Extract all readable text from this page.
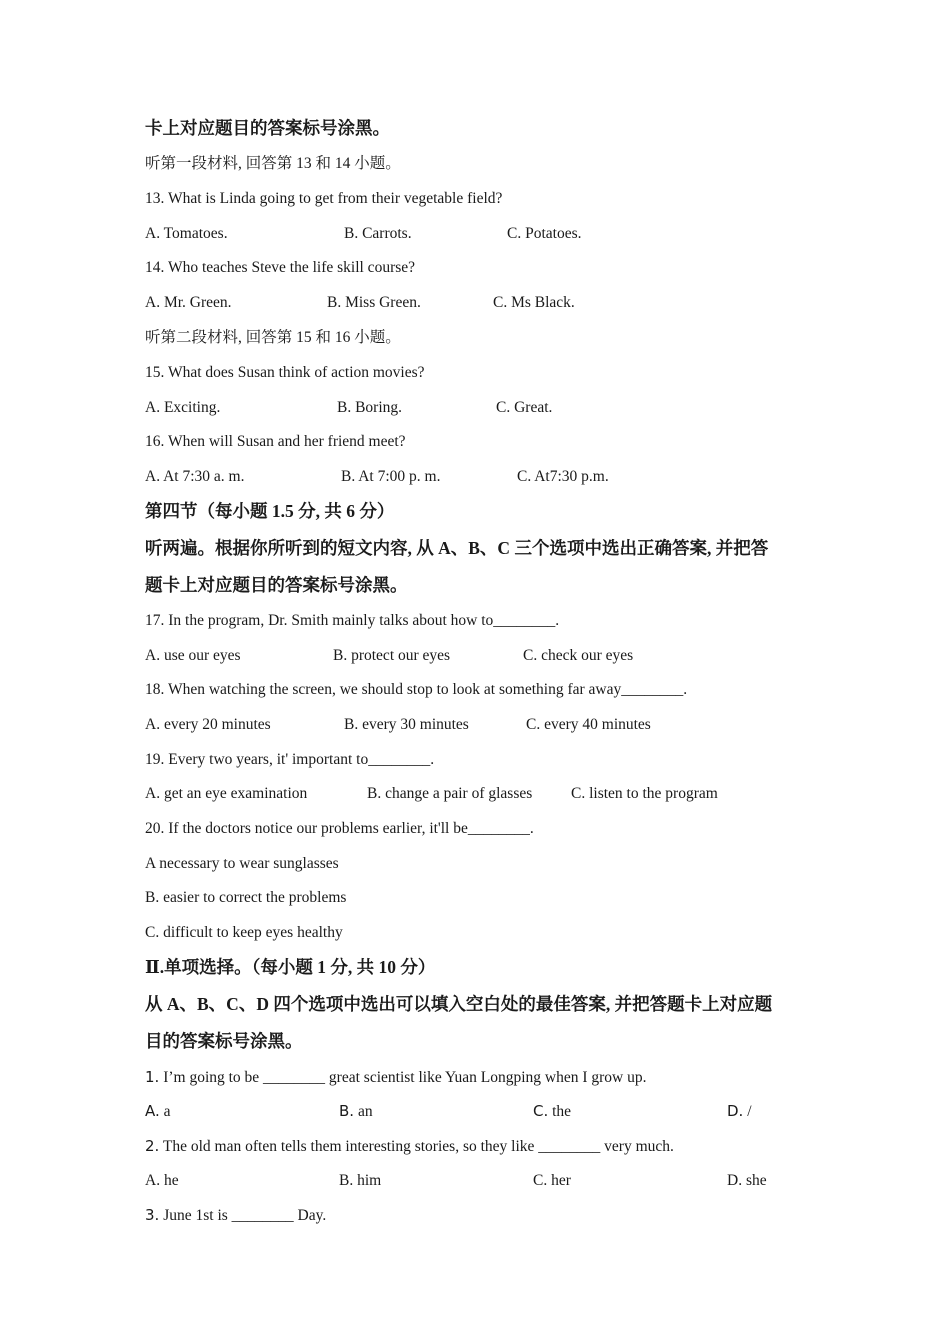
卡上对应题目的答案标号涂黑。
听第一段材料, 回答第 13 和 14 小题。
13. What is Linda going to get from their vegetable field?
A. Tomatoes.	B. Carrots.	C. Potatoes.
14. Who teaches Steve the life skill course?
A. Mr. Green.	B. Miss Green.	C. Ms Black.
听第二段材料, 回答第 15 和 16 小题。
15. What does Susan think of action movies?
A. Exciting.	B. Boring.	C. Great.
16. When will Susan and her friend meet?
A. At 7:30 a. m.	B. At 7:00 p. m.	C. At7:30 p.m.
第四节（每小题 1.5 分, 共 6 分）
听两遍。根据你所听到的短文内容, 从 A、B、C 三个选项中选出正确答案, 并把答
题卡上对应题目的答案标号涂黑。
17. In the program, Dr. Smith mainly talks about how to________.
A. use our eyes	B. protect our eyes	C. check our eyes
18. When watching the screen, we should stop to look at something far away________.
A. every 20 minutes	B. every 30 minutes	C. every 40 minutes
19. Every two years, it' important to________.
A. get an eye examination	B. change a pair of glasses C. listen to the program
20. If the doctors notice our problems earlier, it'll be________.
A necessary to wear sunglasses
B. easier to correct the problems
C. difficult to keep eyes healthy
Ⅱ.单项选择。（每小题 1 分, 共 10 分）
从 A、B、C、D 四个选项中选出可以填入空白处的最佳答案, 并把答题卡上对应题
目的答案标号涂黑。
1. I’m going to be ________ great scientist like Yuan Longping when I grow up.
A. a	B. an	C. the	D. /
2. The old man often tells them interesting stories, so they like ________ very much.
A. he	B. him	C. her	D. she
3. June 1st is ________ Day.
